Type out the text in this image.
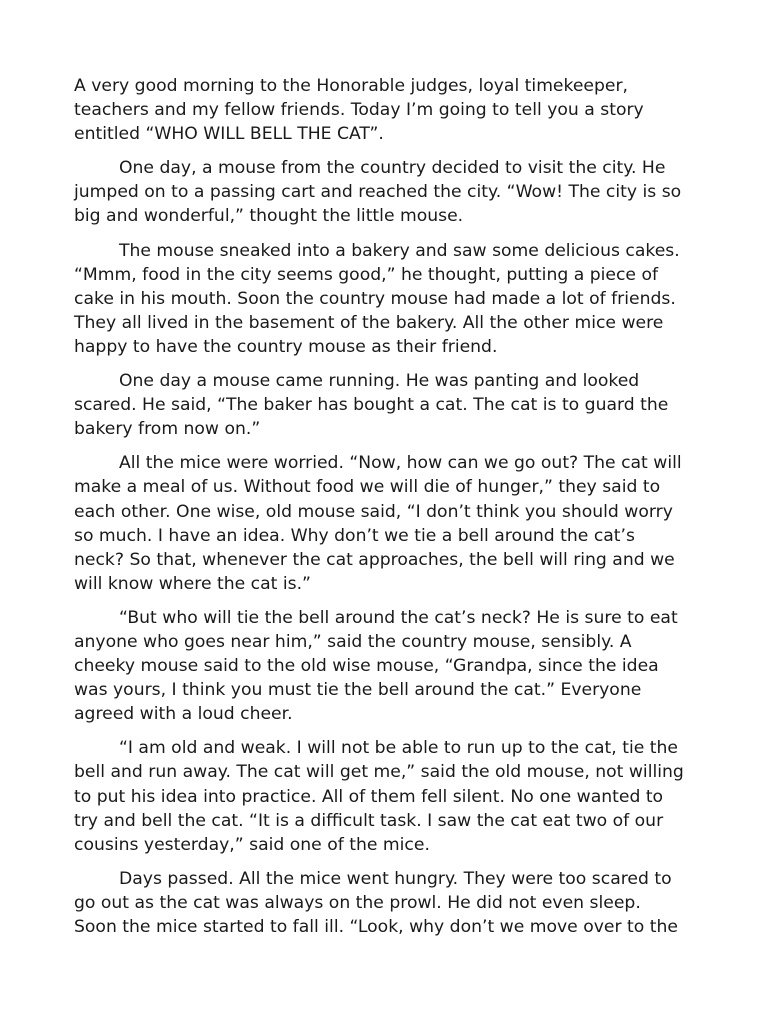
A very good morning to the Honorable judges, loyal timekeeper,
teachers and my fellow friends. Today I’m going to tell you a story
entitled “WHO WILL BELL THE CAT”.

One day, a mouse from the country decided to visit the city. He
jumped on to a passing cart and reached the city. “Wow! The city is so
big and wonderful,” thought the little mouse.

The mouse sneaked into a bakery and saw some delicious cakes.
“Mmm, food in the city seems good,” he thought, putting a piece of
cake in his mouth. Soon the country mouse had made a lot of friends.
They all lived in the basement of the bakery. All the other mice were
happy to have the country mouse as their friend.

One day a mouse came running. He was panting and looked
scared. He said, “The baker has bought a cat. The cat is to guard the
bakery from now on.”

All the mice were worried. “Now, how can we go out? The cat will
make a meal of us. Without food we will die of hunger,” they said to
each other. One wise, old mouse said, “I don’t think you should worry
so much. I have an idea. Why don’t we tie a bell around the cat’s
neck? So that, whenever the cat approaches, the bell will ring and we
will know where the cat is.”

“But who will tie the bell around the cat’s neck? He is sure to eat
anyone who goes near him,” said the country mouse, sensibly. A
cheeky mouse said to the old wise mouse, “Grandpa, since the idea
was yours, I think you must tie the bell around the cat.” Everyone
agreed with a loud cheer.

“I am old and weak. I will not be able to run up to the cat, tie the
bell and run away. The cat will get me,” said the old mouse, not willing
to put his idea into practice. All of them fell silent. No one wanted to
try and bell the cat. “It is a difficult task. I saw the cat eat two of our
cousins yesterday,” said one of the mice.

Days passed. All the mice went hungry. They were too scared to
go out as the cat was always on the prowl. He did not even sleep.
Soon the mice started to fall ill. “Look, why don’t we move over to the
